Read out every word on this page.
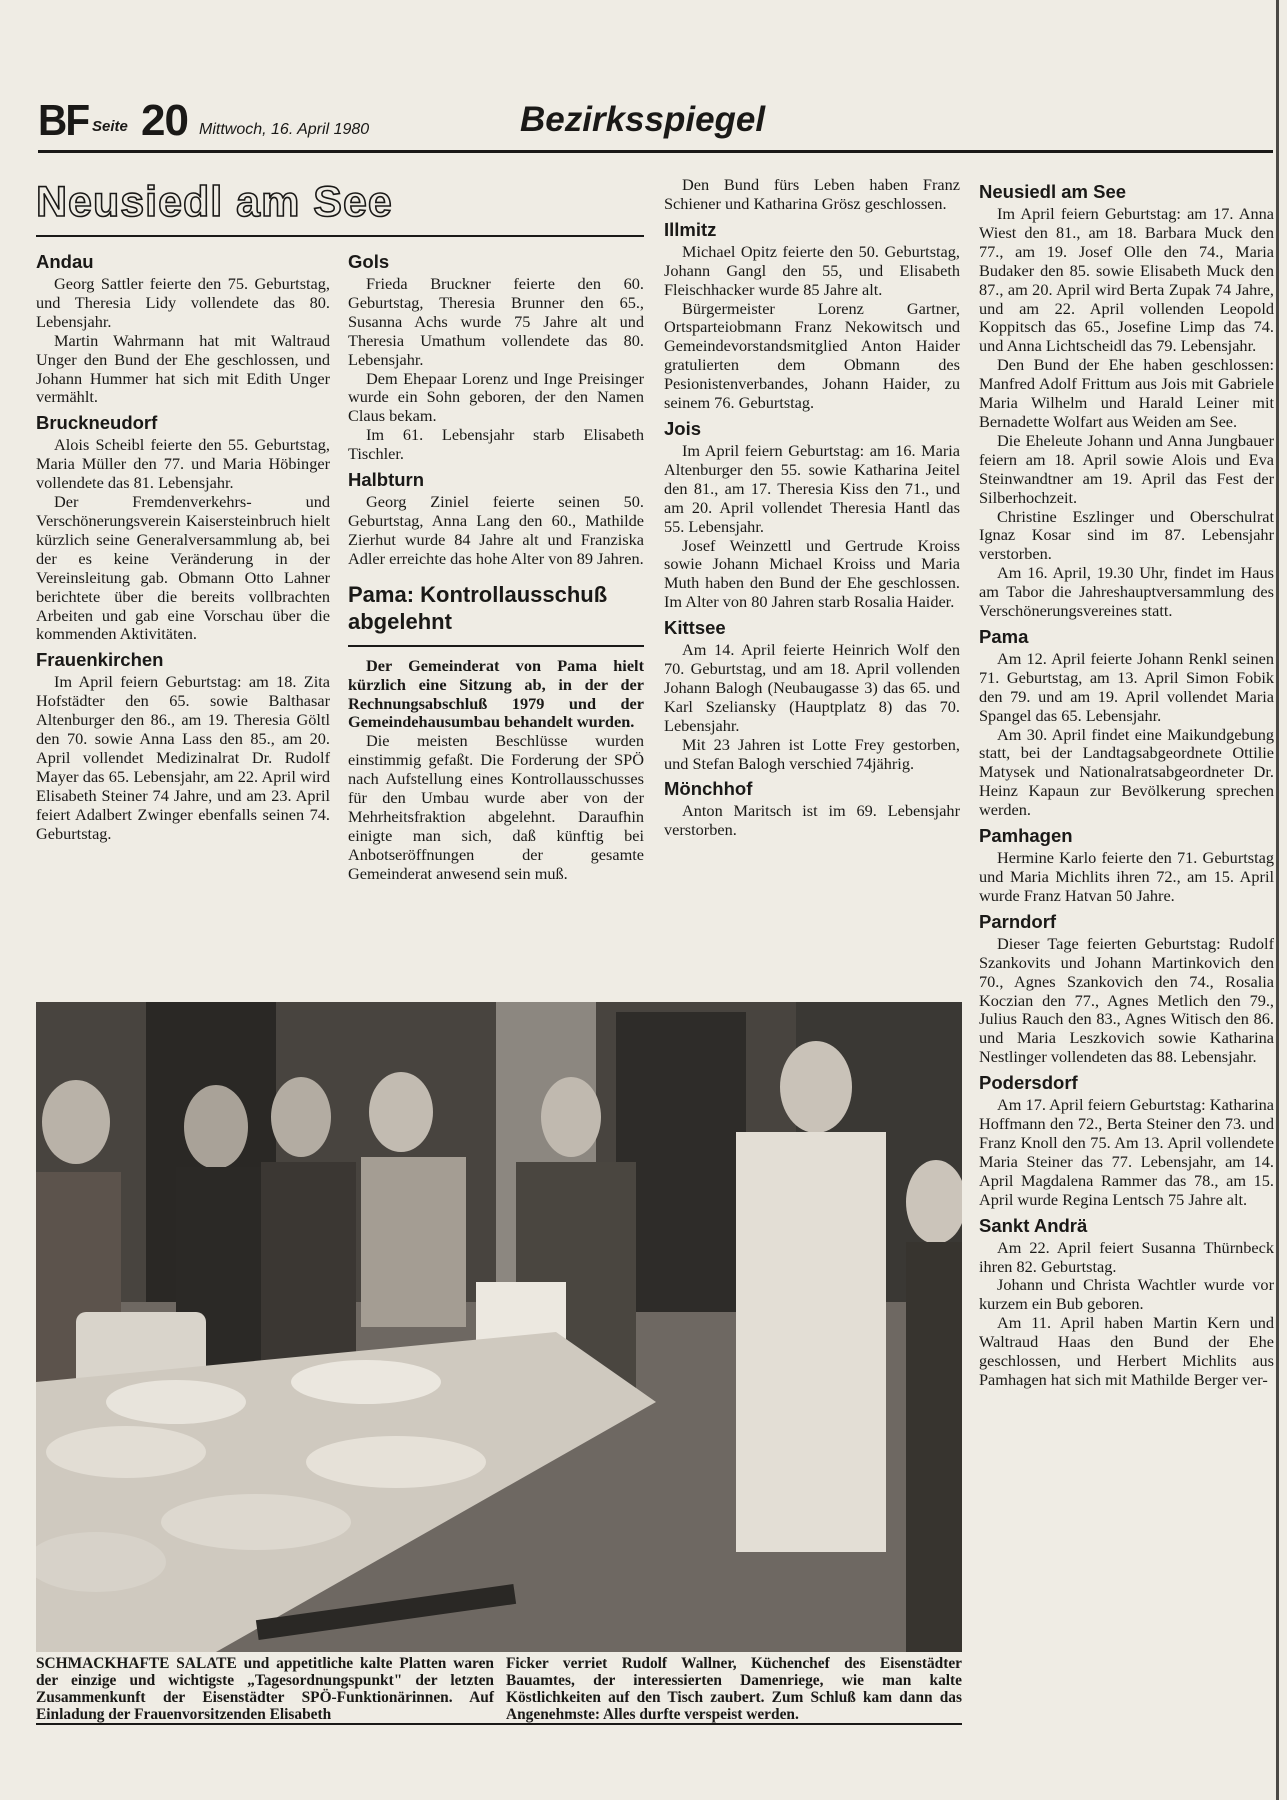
BF Seite 20 Mittwoch, 16. April 1980	Bezirksspiegel
Neusiedl am See
Andau

Georg Sattler feierte den 75. Geburtstag, und Theresia Lidy vollendete das 80. Lebensjahr.

Martin Wahrmann hat mit Waltraud Unger den Bund der Ehe geschlossen, und Johann Hummer hat sich mit Edith Unger vermählt.

Bruckneudorf

Alois Scheibl feierte den 55. Geburtstag, Maria Müller den 77. und Maria Höbinger vollendete das 81. Lebensjahr.

Der Fremdenverkehrs- und Verschönerungsverein Kaisersteinbruch hielt kürzlich seine Generalversammlung ab, bei der es keine Veränderung in der Vereinsleitung gab. Obmann Otto Lahner berichtete über die bereits vollbrachten Arbeiten und gab eine Vorschau über die kommenden Aktivitäten.

Frauenkirchen

Im April feiern Geburtstag: am 18. Zita Hofstädter den 65. sowie Balthasar Altenburger den 86., am 19. Theresia Göltl den 70. sowie Anna Lass den 85., am 20. April vollendet Medizinalrat Dr. Rudolf Mayer das 65. Lebensjahr, am 22. April wird Elisabeth Steiner 74 Jahre, und am 23. April feiert Adalbert Zwinger ebenfalls seinen 74. Geburtstag.

Gols

Frieda Bruckner feierte den 60. Geburtstag, Theresia Brunner den 65., Susanna Achs wurde 75 Jahre alt und Theresia Umathum vollendete das 80. Lebensjahr.

Dem Ehepaar Lorenz und Inge Preisinger wurde ein Sohn geboren, der den Namen Claus bekam.

Im 61. Lebensjahr starb Elisabeth Tischler.

Halbturn

Georg Ziniel feierte seinen 50. Geburtstag, Anna Lang den 60., Mathilde Zierhut wurde 84 Jahre alt und Franziska Adler erreichte das hohe Alter von 89 Jahren.

Pama: Kontrollausschuß abgelehnt

Der Gemeinderat von Pama hielt kürzlich eine Sitzung ab, in der der Rechnungsabschluß 1979 und der Gemeindehausumbau behandelt wurden.

Die meisten Beschlüsse wurden einstimmig gefaßt. Die Forderung der SPÖ nach Aufstellung eines Kontrollausschusses für den Umbau wurde aber von der Mehrheitsfraktion abgelehnt. Daraufhin einigte man sich, daß künftig bei Anbotseröffnungen der gesamte Gemeinderat anwesend sein muß.

Den Bund fürs Leben haben Franz Schiener und Katharina Grösz geschlossen.

Illmitz

Michael Opitz feierte den 50. Geburtstag, Johann Gangl den 55, und Elisabeth Fleischhacker wurde 85 Jahre alt.

Bürgermeister Lorenz Gartner, Ortsparteiobmann Franz Nekowitsch und Gemeindevorstandsmitglied Anton Haider gratulierten dem Obmann des Pesionistenverbandes, Johann Haider, zu seinem 76. Geburtstag.

Jois

Im April feiern Geburtstag: am 16. Maria Altenburger den 55. sowie Katharina Jeitel den 81., am 17. Theresia Kiss den 71., und am 20. April vollendet Theresia Hantl das 55. Lebensjahr.

Josef Weinzettl und Gertrude Kroiss sowie Johann Michael Kroiss und Maria Muth haben den Bund der Ehe geschlossen. Im Alter von 80 Jahren starb Rosalia Haider.

Kittsee

Am 14. April feierte Heinrich Wolf den 70. Geburtstag, und am 18. April vollenden Johann Balogh (Neubaugasse 3) das 65. und Karl Szeliansky (Hauptplatz 8) das 70. Lebensjahr.

Mit 23 Jahren ist Lotte Frey gestorben, und Stefan Balogh verschied 74jährig.

Mönchhof

Anton Maritsch ist im 69. Lebensjahr verstorben.

Neusiedl am See

Im April feiern Geburtstag: am 17. Anna Wiest den 81., am 18. Barbara Muck den 77., am 19. Josef Olle den 74., Maria Budaker den 85. sowie Elisabeth Muck den 87., am 20. April wird Berta Zupak 74 Jahre, und am 22. April vollenden Leopold Koppitsch das 65., Josefine Limp das 74. und Anna Lichtscheidl das 79. Lebensjahr.

Den Bund der Ehe haben geschlossen: Manfred Adolf Frittum aus Jois mit Gabriele Maria Wilhelm und Harald Leiner mit Bernadette Wolfart aus Weiden am See.

Die Eheleute Johann und Anna Jungbauer feiern am 18. April sowie Alois und Eva Steinwandtner am 19. April das Fest der Silberhochzeit.

Christine Eszlinger und Oberschulrat Ignaz Kosar sind im 87. Lebensjahr verstorben.

Am 16. April, 19.30 Uhr, findet im Haus am Tabor die Jahreshauptversammlung des Verschönerungsvereines statt.

Pama

Am 12. April feierte Johann Renkl seinen 71. Geburtstag, am 13. April Simon Fobik den 79. und am 19. April vollendet Maria Spangel das 65. Lebensjahr.

Am 30. April findet eine Maikundgebung statt, bei der Landtagsabgeordnete Ottilie Matysek und Nationalratsabgeordneter Dr. Heinz Kapaun zur Bevölkerung sprechen werden.

Pamhagen

Hermine Karlo feierte den 71. Geburtstag und Maria Michlits ihren 72., am 15. April wurde Franz Hatvan 50 Jahre.

Parndorf

Dieser Tage feierten Geburtstag: Rudolf Szankovits und Johann Martinkovich den 70., Agnes Szankovich den 74., Rosalia Koczian den 77., Agnes Metlich den 79., Julius Rauch den 83., Agnes Witisch den 86. und Maria Leszkovich sowie Katharina Nestlinger vollendeten das 88. Lebensjahr.

Podersdorf

Am 17. April feiern Geburtstag: Katharina Hoffmann den 72., Berta Steiner den 73. und Franz Knoll den 75. Am 13. April vollendete Maria Steiner das 77. Lebensjahr, am 14. April Magdalena Rammer das 78., am 15. April wurde Regina Lentsch 75 Jahre alt.

Sankt Andrä

Am 22. April feiert Susanna Thürnbeck ihren 82. Geburtstag.

Johann und Christa Wachtler wurde vor kurzem ein Bub geboren.

Am 11. April haben Martin Kern und Waltraud Haas den Bund der Ehe geschlossen, und Herbert Michlits aus Pamhagen hat sich mit Mathilde Berger ver-

SCHMACKHAFTE SALATE und appetitliche kalte Platten waren der einzige und wichtigste „Tagesordnungspunkt" der letzten Zusammenkunft der Eisenstädter SPÖ-Funktionärinnen. Auf Einladung der Frauenvorsitzenden Elisabeth
Ficker verriet Rudolf Wallner, Küchenchef des Eisenstädter Bauamtes, der interessierten Damenriege, wie man kalte Köstlichkeiten auf den Tisch zaubert. Zum Schluß kam dann das Angenehmste: Alles durfte verspeist werden.
